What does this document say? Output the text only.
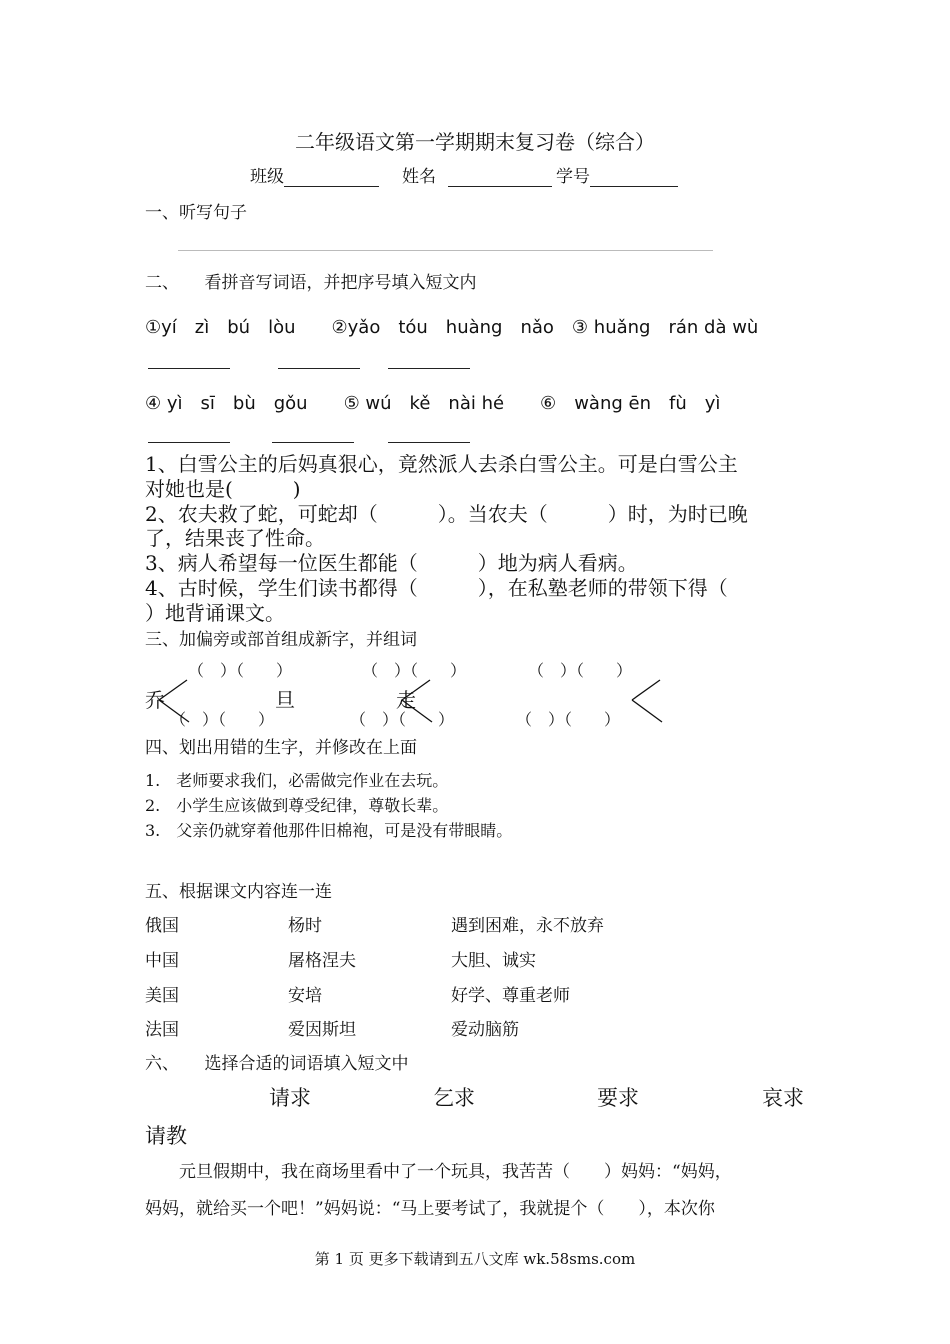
二年级语文第一学期期末复习卷（综合）
班级	姓名	学号
一、听写句子
二、　　看拼音写词语，并把序号填入短文内
①yí　zì　bú　lòu　　②yǎo　tóu　huàng　nǎo　③ huǎng　rán dà wù
④ yì　sī　bù　gǒu　　⑤ wú　kě　nài hé　　⑥　wàng ēn　fù　yì
1、白雪公主的后妈真狠心，竟然派人去杀白雪公主。可是白雪公主
对她也是(　　　)
2、农夫救了蛇，可蛇却（　　　）。当农夫（　　　）时，为时已晚
了，结果丧了性命。
3、病人希望每一位医生都能（　　　）地为病人看病。
4、古时候，学生们读书都得（　　　），在私塾老师的带领下得（
）地背诵课文。
三、加偏旁或部首组成新字，并组词
（　）（　　）	（　）（　　）	（　）（　　）
乔	旦	走
（　）（　　）	（　）（　　）	（　）（　　）
四、划出用错的生字，并修改在上面
1.　老师要求我们，必需做完作业在去玩。
2.　小学生应该做到尊受纪律，尊敬长辈。
3.　父亲仍就穿着他那件旧棉袍，可是没有带眼睛。
五、根据课文内容连一连
俄国	杨时	遇到困难，永不放弃
中国	屠格涅夫	大胆、诚实
美国	安培	好学、尊重老师
法国	爱因斯坦	爱动脑筋
六、　　选择合适的词语填入短文中
请求	乞求	要求	哀求
请教
　　元旦假期中，我在商场里看中了一个玩具，我苦苦（　　）妈妈：“妈妈，
妈妈，就给买一个吧！”妈妈说：“马上要考试了，我就提个（　　），本次你
第 1 页 更多下载请到五八文库 wk.58sms.com
